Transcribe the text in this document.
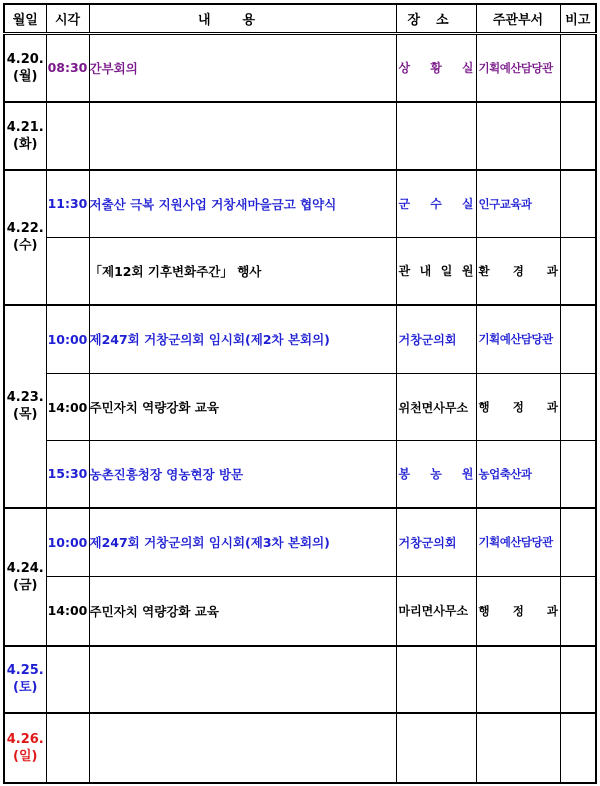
월일	시각	내용	장소	주관부서	비고

4.20.
(월)	08:30	간부회의	상 황 실	기획예산담당관	

4.21.
(화)					

4.22.
(수)	11:30	저출산 극복 지원사업 거창새마을금고 협약식	군 수 실	인구교육과	

		「제12회 기후변화주간」 행사	관 내 일 원	환 경 과	

4.23.
(목)	10:00	제247회 거창군의회 임시회(제2차 본회의)	거창군의회	기획예산담당관	

	14:00	주민자치 역량강화 교육	위천면사무소	행 정 과	

	15:30	농촌진흥청장 영농현장 방문	봉 농 원	농업축산과	

4.24.
(금)	10:00	제247회 거창군의회 임시회(제3차 본회의)	거창군의회	기획예산담당관	

	14:00	주민자치 역량강화 교육	마리면사무소	행 정 과	

4.25.
(토)					

4.26.
(일)					
